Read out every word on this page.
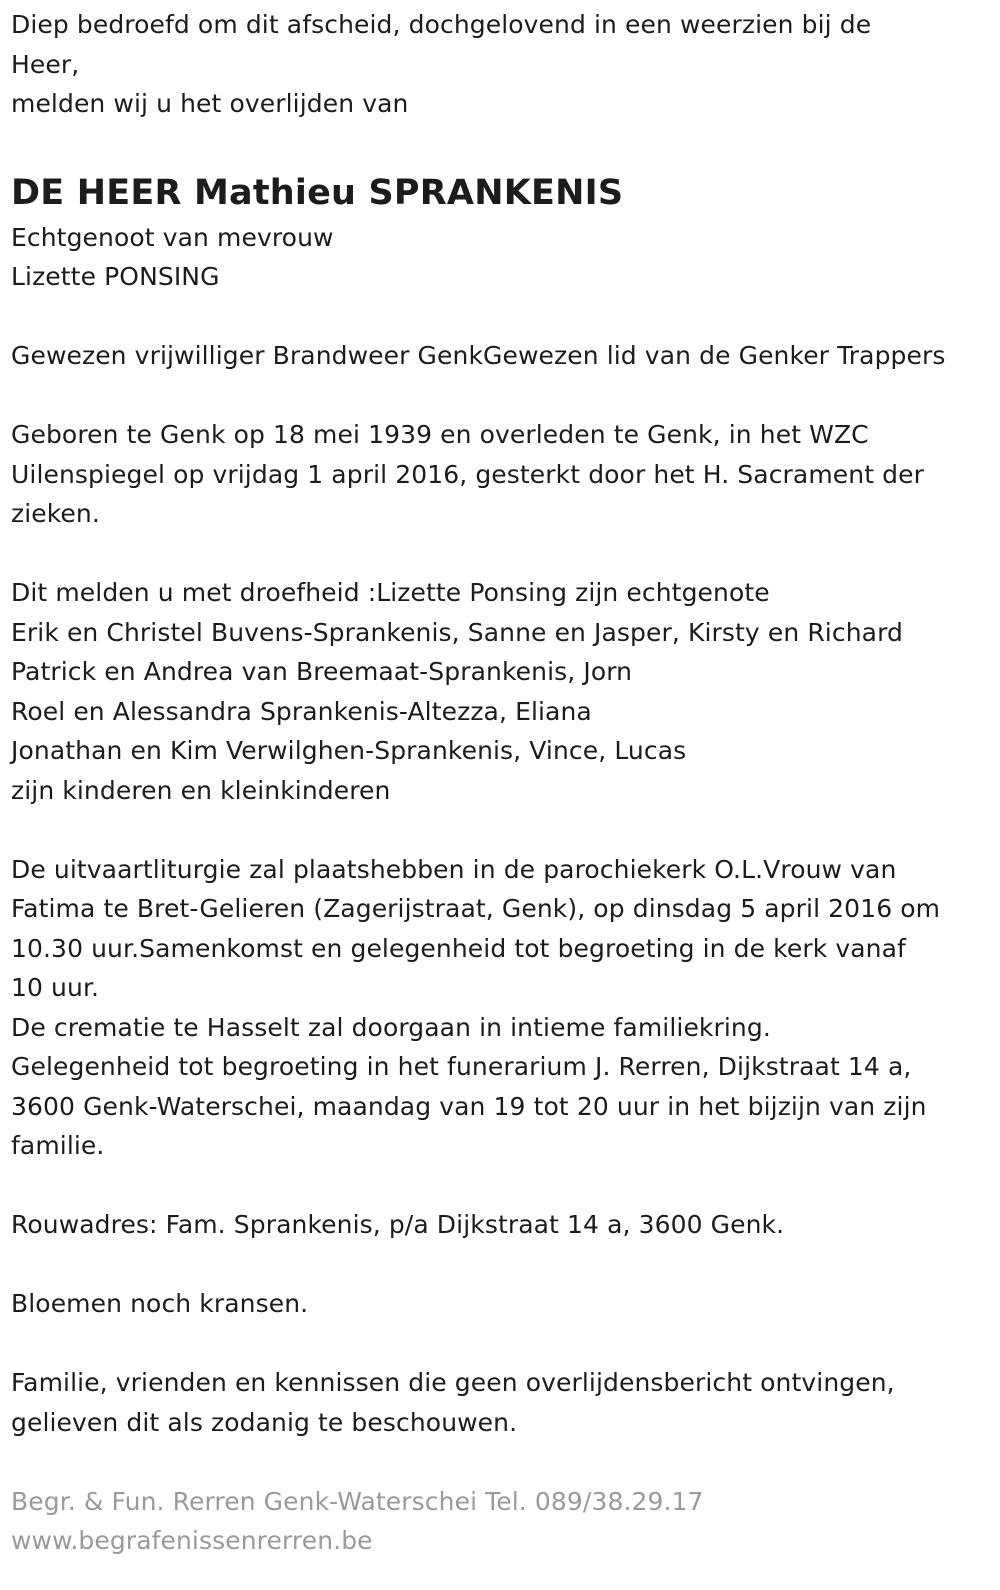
Diep bedroefd om dit afscheid, dochgelovend in een weerzien bij de
Heer,
melden wij u het overlijden van
DE HEER Mathieu SPRANKENIS
Echtgenoot van mevrouw
Lizette PONSING
Gewezen vrijwilliger Brandweer GenkGewezen lid van de Genker Trappers
Geboren te Genk op 18 mei 1939 en overleden te Genk, in het WZC
Uilenspiegel op vrijdag 1 april 2016, gesterkt door het H. Sacrament der
zieken.
Dit melden u met droefheid :Lizette Ponsing zijn echtgenote
Erik en Christel Buvens-Sprankenis, Sanne en Jasper, Kirsty en Richard
Patrick en Andrea van Breemaat-Sprankenis, Jorn
Roel en Alessandra Sprankenis-Altezza, Eliana
Jonathan en Kim Verwilghen-Sprankenis, Vince, Lucas
zijn kinderen en kleinkinderen
De uitvaartliturgie zal plaatshebben in de parochiekerk O.L.Vrouw van
Fatima te Bret-Gelieren (Zagerijstraat, Genk), op dinsdag 5 april 2016 om
10.30 uur.Samenkomst en gelegenheid tot begroeting in de kerk vanaf
10 uur.
De crematie te Hasselt zal doorgaan in intieme familiekring.
Gelegenheid tot begroeting in het funerarium J. Rerren, Dijkstraat 14 a,
3600 Genk-Waterschei, maandag van 19 tot 20 uur in het bijzijn van zijn
familie.
Rouwadres: Fam. Sprankenis, p/a Dijkstraat 14 a, 3600 Genk.
Bloemen noch kransen.
Familie, vrienden en kennissen die geen overlijdensbericht ontvingen,
gelieven dit als zodanig te beschouwen.
Begr. & Fun. Rerren Genk-Waterschei Tel. 089/38.29.17
www.begrafenissenrerren.be
